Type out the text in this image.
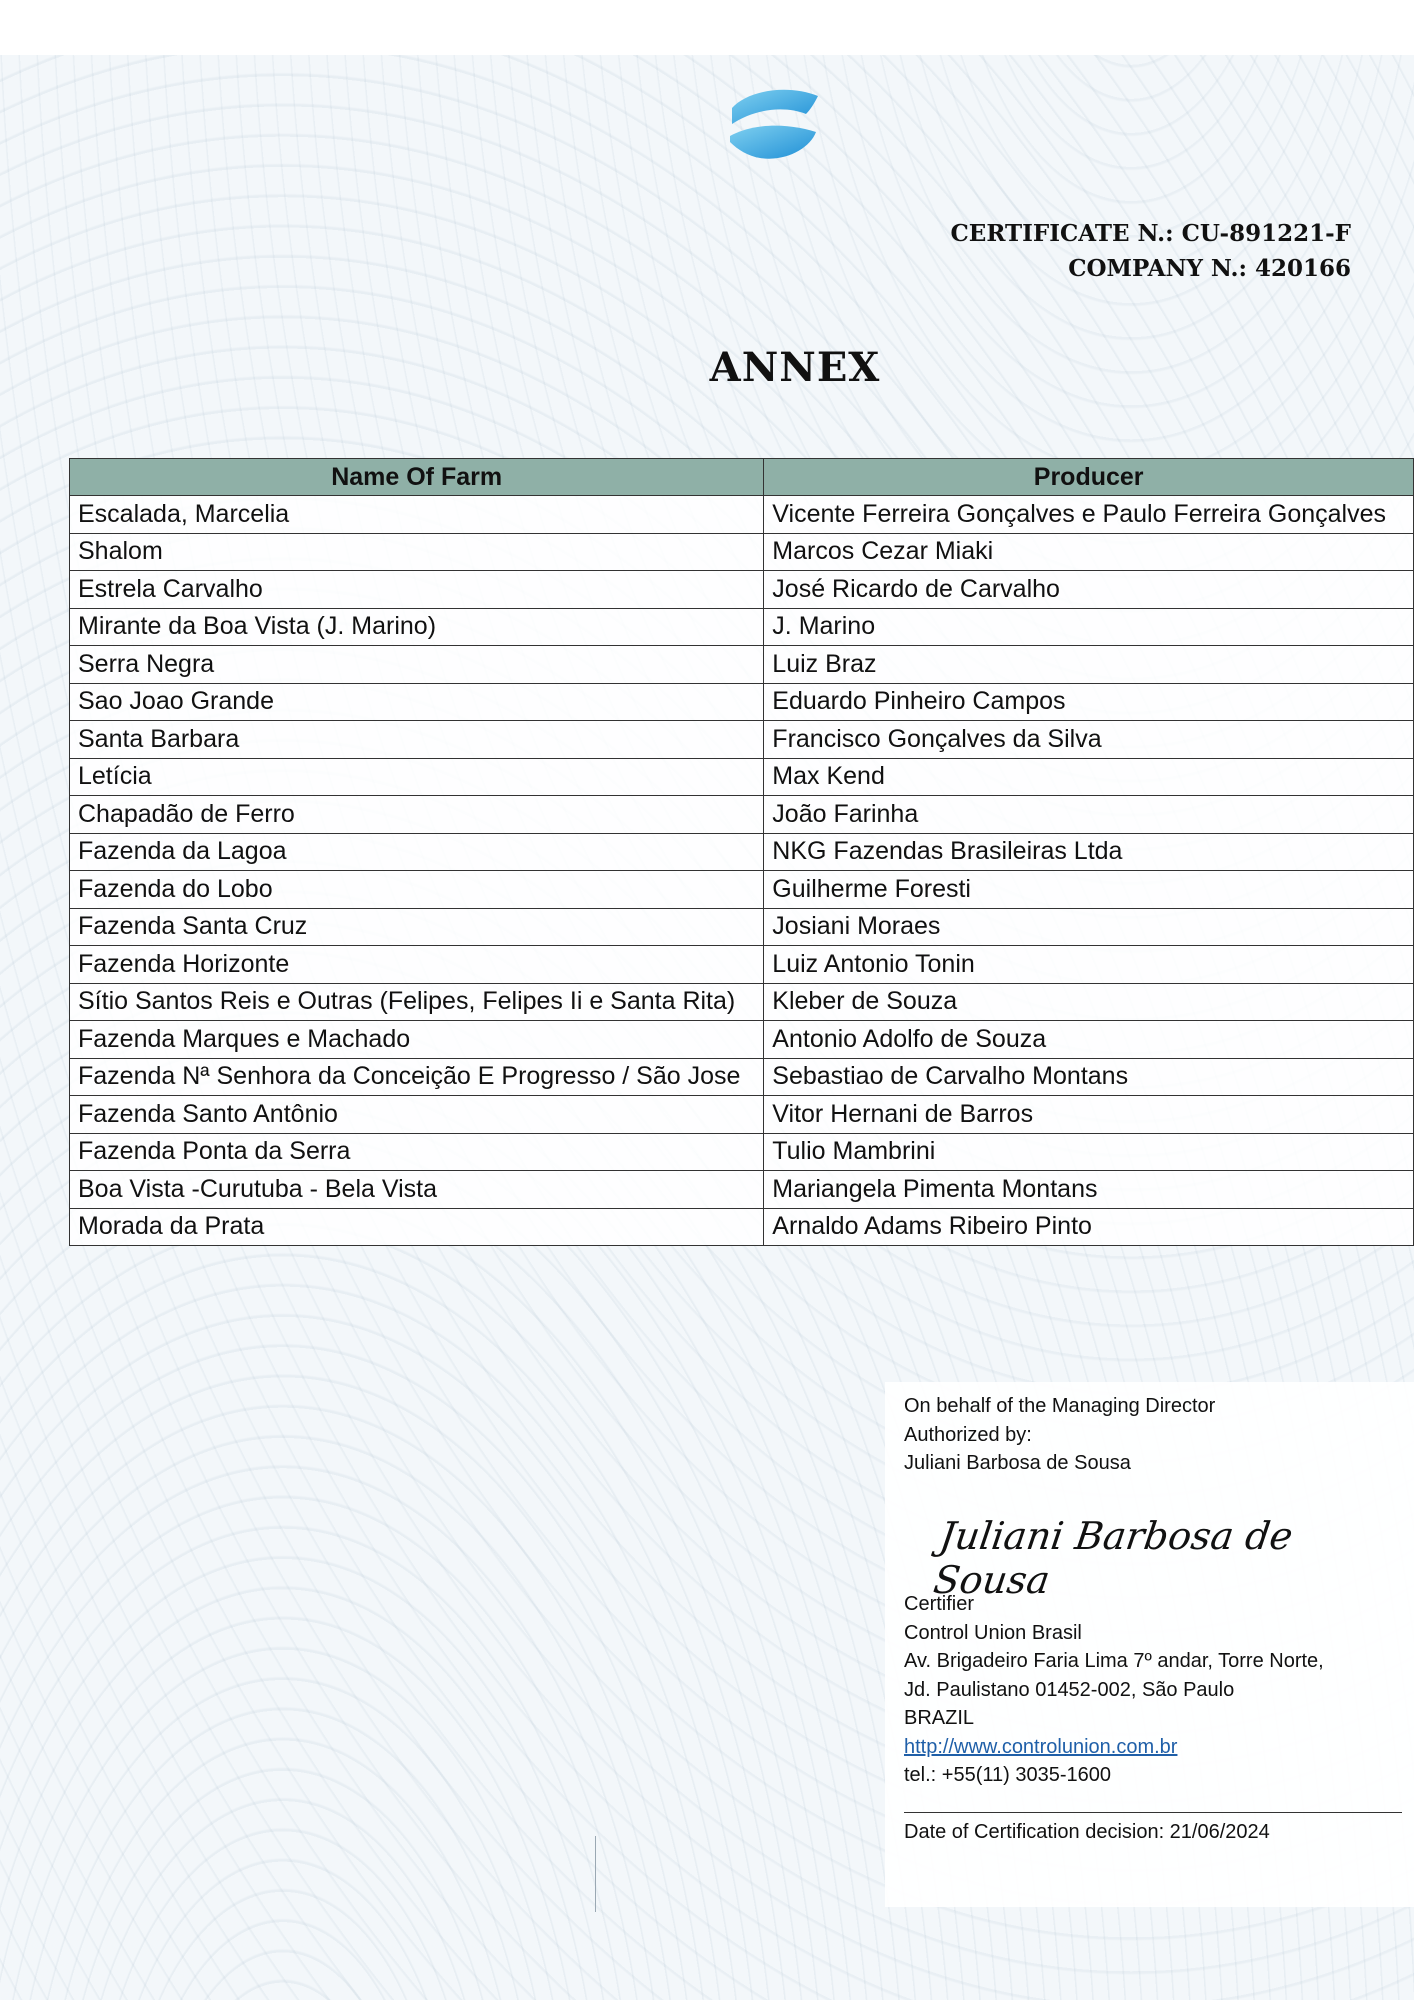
CERTIFICATE N.: CU-891221-F
COMPANY N.: 420166
ANNEX
Name Of Farm	Producer
Escalada, Marcelia	Vicente Ferreira Gonçalves e Paulo Ferreira Gonçalves
Shalom	Marcos Cezar Miaki
Estrela Carvalho	José Ricardo de Carvalho
Mirante da Boa Vista (J. Marino)	J. Marino
Serra Negra	Luiz Braz
Sao Joao Grande	Eduardo Pinheiro Campos
Santa Barbara	Francisco Gonçalves da Silva
Letícia	Max Kend
Chapadão de Ferro	João Farinha
Fazenda da Lagoa	NKG Fazendas Brasileiras Ltda
Fazenda do Lobo	Guilherme Foresti
Fazenda Santa Cruz	Josiani Moraes
Fazenda Horizonte	Luiz Antonio Tonin
Sítio Santos Reis e Outras (Felipes, Felipes Ii e Santa Rita)	Kleber de Souza
Fazenda Marques e Machado	Antonio Adolfo de Souza
Fazenda Nª Senhora da Conceição E Progresso / São Jose	Sebastiao de Carvalho Montans
Fazenda Santo Antônio	Vitor Hernani de Barros
Fazenda Ponta da Serra	Tulio Mambrini
Boa Vista -Curutuba - Bela Vista	Mariangela Pimenta Montans
Morada da Prata	Arnaldo Adams Ribeiro Pinto
On behalf of the Managing Director
Authorized by:
Juliani Barbosa de Sousa
Juliani Barbosa de Sousa
Certifier
Control Union Brasil
Av. Brigadeiro Faria Lima 7º andar, Torre Norte,
Jd. Paulistano 01452-002, São Paulo
BRAZIL
http://www.controlunion.com.br
tel.: +55(11) 3035-1600
Date of Certification decision: 21/06/2024
